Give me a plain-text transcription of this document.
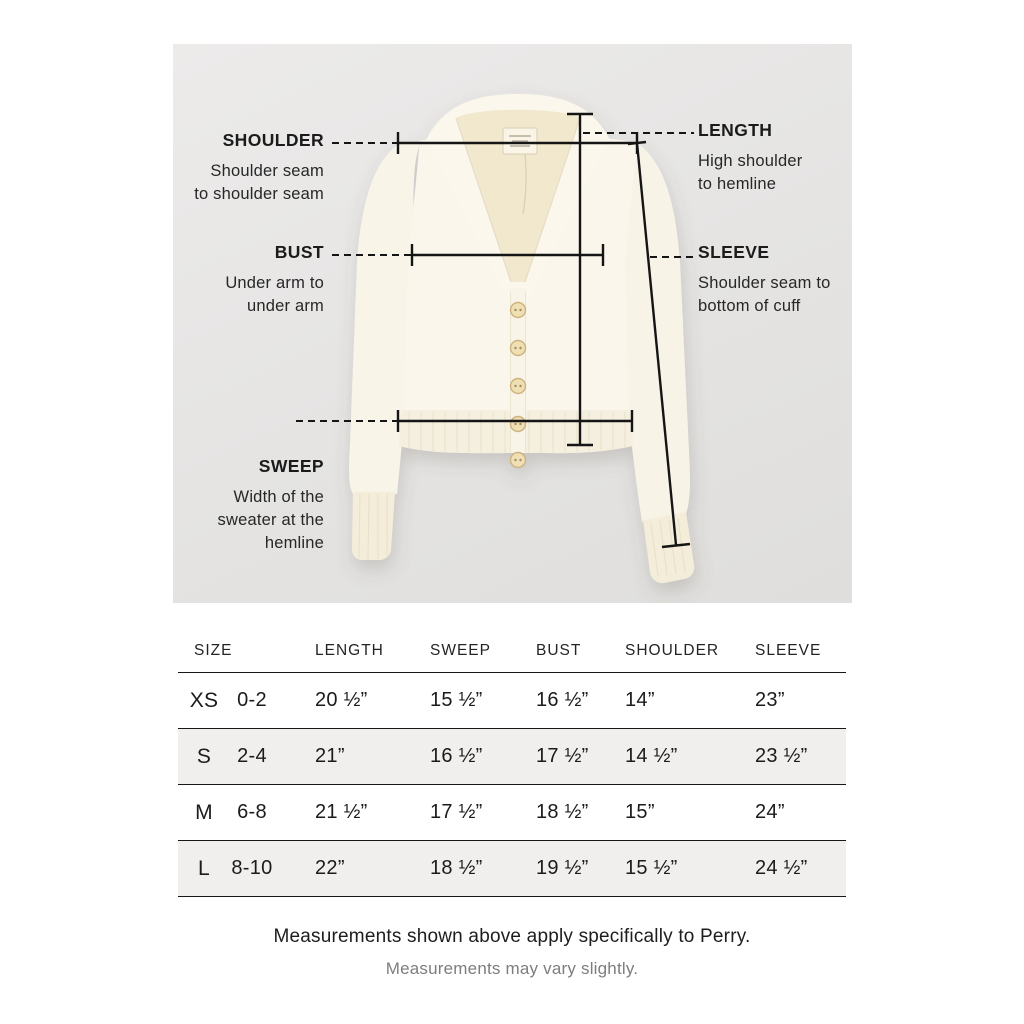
SHOULDER
Shoulder seam
to shoulder seam
LENGTH
High shoulder
to hemline
BUST
Under arm to
under arm
SLEEVE
Shoulder seam to
bottom of cuff
SWEEP
Width of the
sweater at the
hemline
SIZE	LENGTH	SWEEP	BUST	SHOULDER	SLEEVE
XS 0-2	20 ½”	15 ½”	16 ½”	14”	23”
S	2-4	21”	16 ½”	17 ½”	14 ½”	23 ½”
M	6-8	21 ½”	17 ½”	18 ½”	15”	24”
L	8-10	22”	18 ½”	19 ½”	15 ½”	24 ½”
Measurements shown above apply specifically to Perry.
Measurements may vary slightly.
